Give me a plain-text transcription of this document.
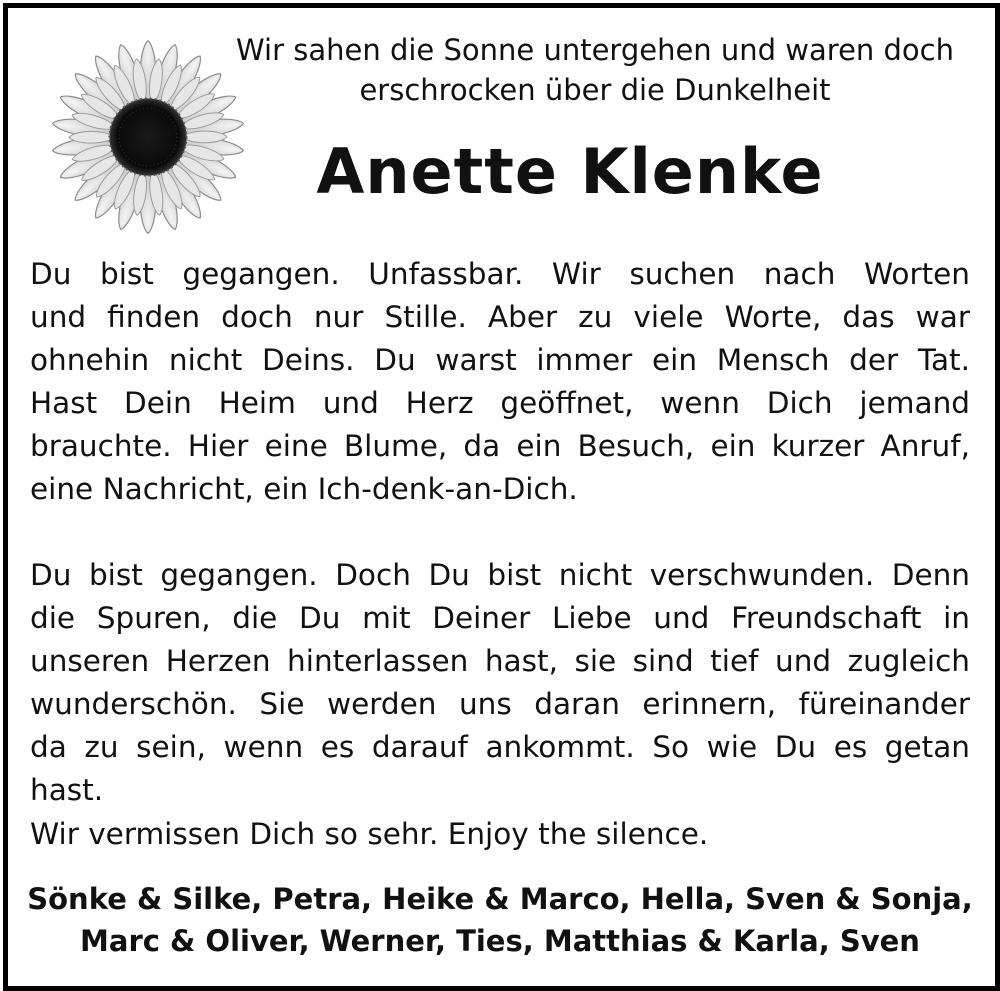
Wir sahen die Sonne untergehen und waren doch
erschrocken über die Dunkelheit
Anette Klenke
Du bist gegangen. Unfassbar. Wir suchen nach Worten
und finden doch nur Stille. Aber zu viele Worte, das war
ohnehin nicht Deins. Du warst immer ein Mensch der Tat.
Hast Dein Heim und Herz geöffnet, wenn Dich jemand
brauchte. Hier eine Blume, da ein Besuch, ein kurzer Anruf,
eine Nachricht, ein Ich-denk-an-Dich.
Du bist gegangen. Doch Du bist nicht verschwunden. Denn
die Spuren, die Du mit Deiner Liebe und Freundschaft in
unseren Herzen hinterlassen hast, sie sind tief und zugleich
wunderschön. Sie werden uns daran erinnern, füreinander
da zu sein, wenn es darauf ankommt. So wie Du es getan
hast.
Wir vermissen Dich so sehr. Enjoy the silence.
Sönke & Silke, Petra, Heike & Marco, Hella, Sven & Sonja,
Marc & Oliver, Werner, Ties, Matthias & Karla, Sven
